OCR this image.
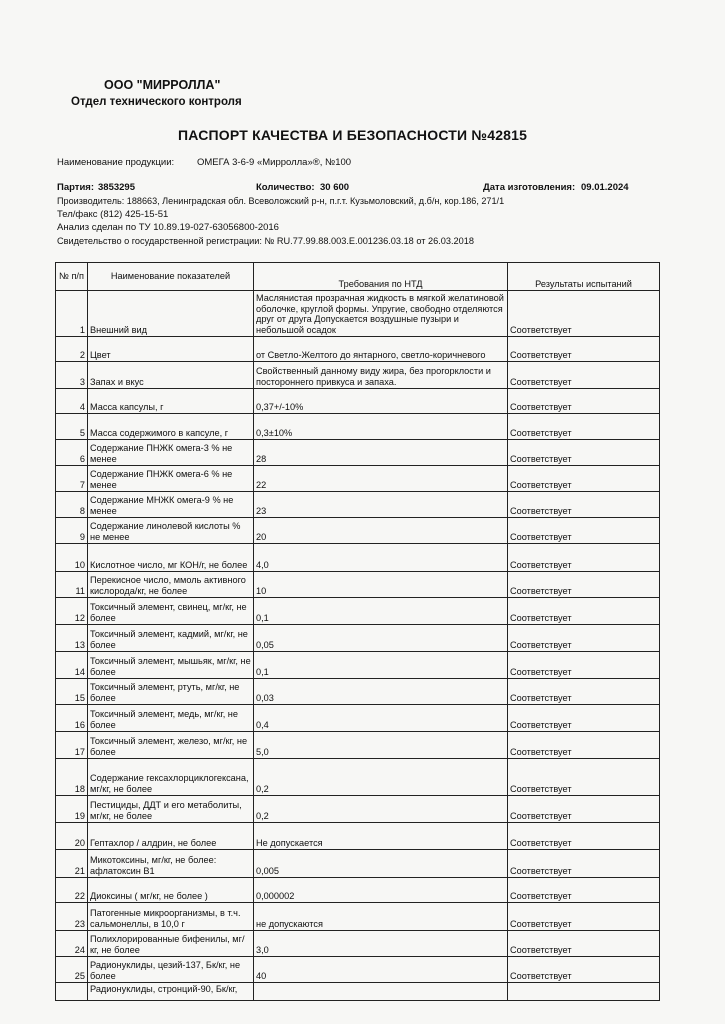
ООО "МИРРОЛЛА"
Отдел технического контроля
ПАСПОРТ КАЧЕСТВА И БЕЗОПАСНОСТИ №42815
Наименование продукции: ОМЕГА 3-6-9 «Мирролла»®, №100
Партия: 3853295	Количество: 30 600	Дата изготовления: 09.01.2024
Производитель: 188663, Ленинградская обл. Всеволожский р-н, п.г.т. Кузьмоловский, д.б/н, кор.186, 271/1
Тел/факс (812) 425-15-51
Анализ сделан по ТУ 10.89.19-027-63056800-2016
Свидетельство о государственной регистрации: № RU.77.99.88.003.Е.001236.03.18 от 26.03.2018
№ п/п	Наименование показателей	Требования по НТД	Результаты испытаний
1	Внешний вид	Маслянистая прозрачная жидкость в мягкой желатиновой оболочке, круглой формы. Упругие, свободно отделяются друг от друга Допускается воздушные пузыри и небольшой осадок	Соответствует
2	Цвет	от Светло-Желтого до янтарного, светло-коричневого	Соответствует
3	Запах и вкус	Свойственный данному виду жира, без прогорклости и постороннего привкуса и запаха.	Соответствует
4	Масса капсулы, г	0,37+/-10%	Соответствует
5	Масса содержимого в капсуле, г	0,3±10%	Соответствует
6	Содержание ПНЖК омега-3 % не менее	28	Соответствует
7	Содержание ПНЖК омега-6 % не менее	22	Соответствует
8	Содержание МНЖК омега-9 % не менее	23	Соответствует
9	Содержание линолевой кислоты % не менее	20	Соответствует
10	Кислотное число, мг КОН/г, не более	4,0	Соответствует
11	Перекисное число, ммоль активного кислорода/кг, не более	10	Соответствует
12	Токсичный элемент, свинец, мг/кг, не более	0,1	Соответствует
13	Токсичный элемент, кадмий, мг/кг, не более	0,05	Соответствует
14	Токсичный элемент, мышьяк, мг/кг, не более	0,1	Соответствует
15	Токсичный элемент, ртуть, мг/кг, не более	0,03	Соответствует
16	Токсичный элемент, медь, мг/кг, не более	0,4	Соответствует
17	Токсичный элемент, железо, мг/кг, не более	5,0	Соответствует
18	Содержание гексахлорциклогексана, мг/кг, не более	0,2	Соответствует
19	Пестициды, ДДТ и его метаболиты, мг/кг, не более	0,2	Соответствует
20	Гептахлор / алдрин, не более	Не допускается	Соответствует
21	Микотоксины, мг/кг, не более: афлатоксин В1	0,005	Соответствует
22	Диоксины ( мг/кг, не более )	0,000002	Соответствует
23	Патогенные микроорганизмы, в т.ч. сальмонеллы, в 10,0 г	не допускаются	Соответствует
24	Полихлорированные бифенилы, мг/кг, не более	3,0	Соответствует
25	Радионуклиды, цезий-137, Бк/кг, не более	40	Соответствует
	Радионуклиды, стронций-90, Бк/кг,		
